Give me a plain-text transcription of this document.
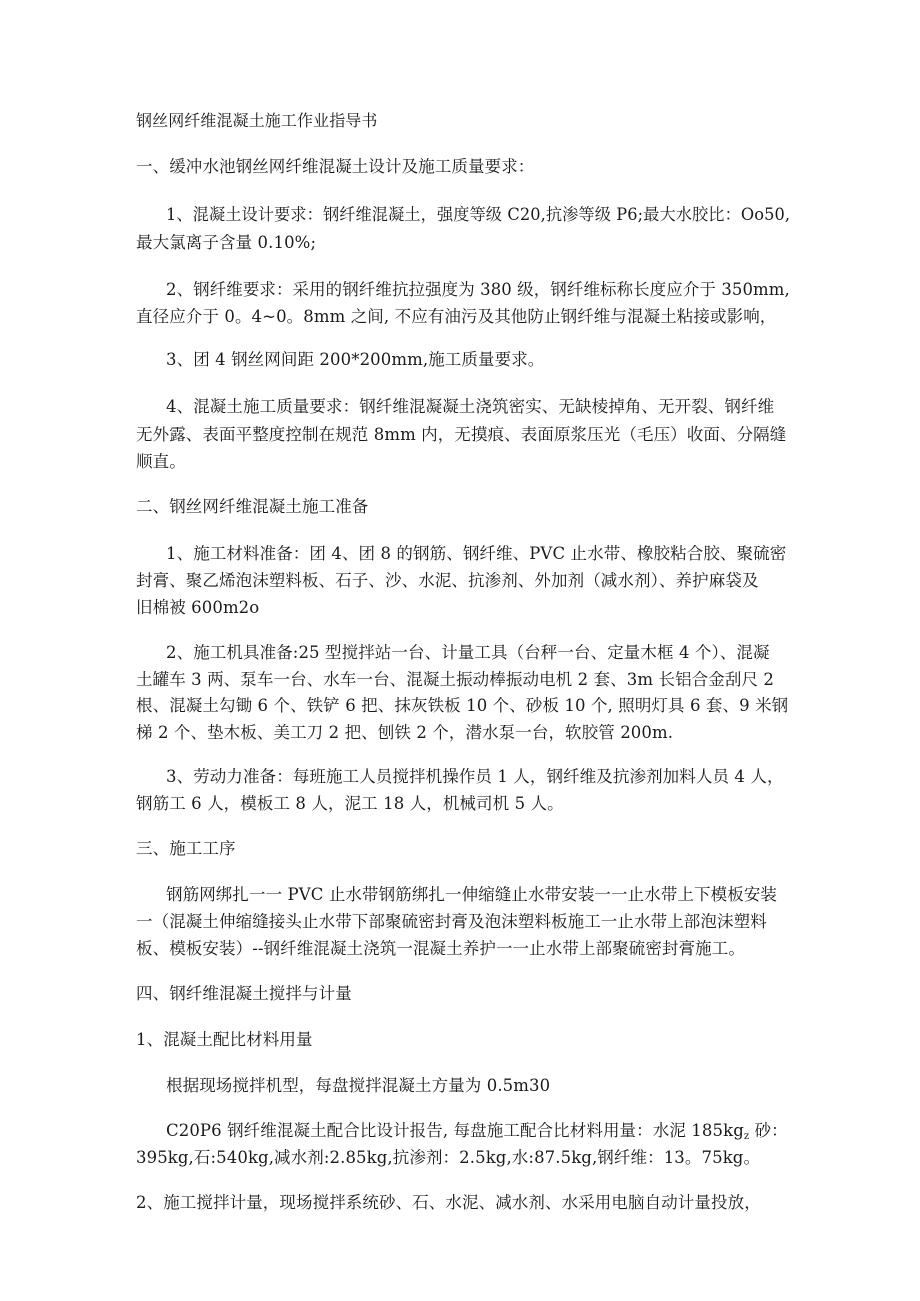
钢丝网纤维混凝土施工作业指导书

一、缓冲水池钢丝网纤维混凝土设计及施工质量要求：

1、混凝土设计要求：钢纤维混凝土，强度等级 C20,抗渗等级 P6;最大水胶比：Oo50,

最大氯离子含量 0.10%;

2、钢纤维要求：采用的钢纤维抗拉强度为 380 级，钢纤维标称长度应介于 350mm,

直径应介于 0。4~0。8mm 之间, 不应有油污及其他防止钢纤维与混凝土粘接或影响，

3、团 4 钢丝网间距 200*200mm,施工质量要求。

4、混凝土施工质量要求：钢纤维混凝凝土浇筑密实、无缺棱掉角、无开裂、钢纤维

无外露、表面平整度控制在规范 8mm 内，无摸痕、表面原浆压光（毛压）收面、分隔缝

顺直。

二、钢丝网纤维混凝土施工准备

1、施工材料准备：团 4、团 8 的钢筋、钢纤维、PVC 止水带、橡胶粘合胶、聚硫密

封膏、聚乙烯泡沫塑料板、石子、沙、水泥、抗渗剂、外加剂（减水剂）、养护麻袋及

旧棉被 600m2o

2、施工机具准备:25 型搅拌站一台、计量工具（台秤一台、定量木框 4 个）、混凝

土罐车 3 两、泵车一台、水车一台、混凝土振动棒振动电机 2 套、3m 长铝合金刮尺 2

根、混凝土勾锄 6 个、铁铲 6 把、抹灰铁板 10 个、砂板 10 个, 照明灯具 6 套、9 米钢

梯 2 个、垫木板、美工刀 2 把、刨铁 2 个，潜水泵一台，软胶管 200m.

3、劳动力准备：每班施工人员搅拌机操作员 1 人，钢纤维及抗渗剂加料人员 4 人，

钢筋工 6 人，模板工 8 人，泥工 18 人，机械司机 5 人。

三、施工工序

钢筋网绑扎一一 PVC 止水带钢筋绑扎一伸缩缝止水带安装一一止水带上下模板安装

一（混凝土伸缩缝接头止水带下部聚硫密封膏及泡沫塑料板施工一止水带上部泡沫塑料

板、模板安装）--钢纤维混凝土浇筑一混凝土养护一一止水带上部聚硫密封膏施工。

四、钢纤维混凝土搅拌与计量

1、混凝土配比材料用量

根据现场搅拌机型，每盘搅拌混凝土方量为 0.5m30

C20P6 钢纤维混凝土配合比设计报告, 每盘施工配合比材料用量：水泥 $185kg_z$ 砂：

395kg,石:540kg,减水剂:2.85kg,抗渗剂：2.5kg,水:87.5kg,钢纤维：13。75kg。

2、施工搅拌计量，现场搅拌系统砂、石、水泥、减水剂、水采用电脑自动计量投放，
